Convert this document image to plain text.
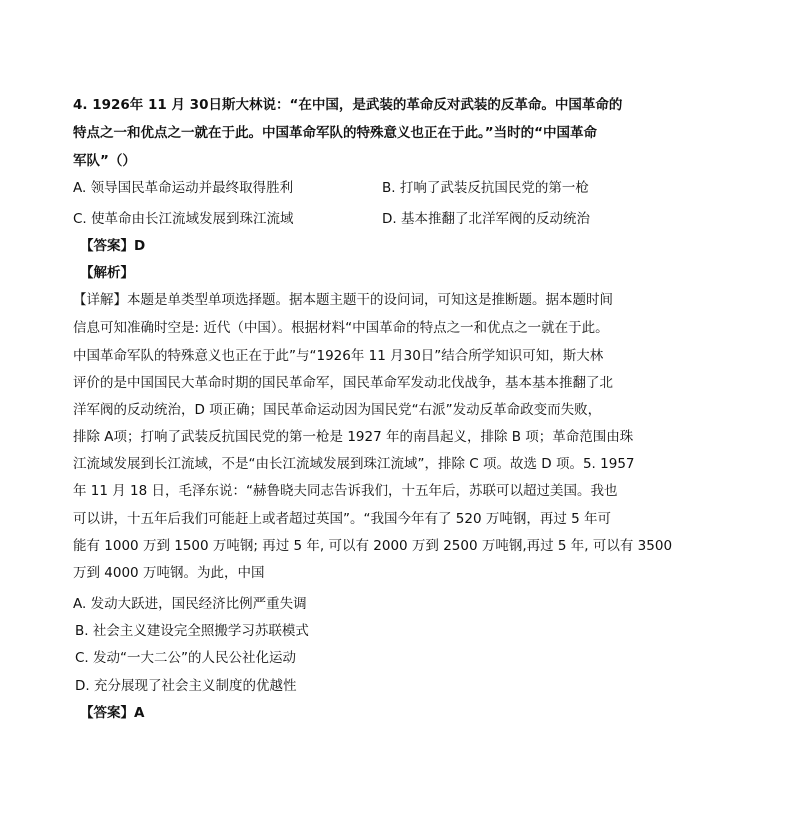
4. 1926年 11 月 30日斯大林说：“在中国，是武装的革命反对武装的反革命。中国革命的
特点之一和优点之一就在于此。中国革命军队的特殊意义也正在于此。”当时的“中国革命
军队”（）
A. 领导国民革命运动并最终取得胜利	B. 打响了武装反抗国民党的第一枪
C. 使革命由长江流域发展到珠江流域	D. 基本推翻了北洋军阀的反动统治
【答案】D
【解析】
【详解】本题是单类型单项选择题。据本题主题干的设问词，可知这是推断题。据本题时间
信息可知准确时空是: 近代（中国）。根据材料“中国革命的特点之一和优点之一就在于此。
中国革命军队的特殊意义也正在于此”与“1926年 11 月30日”结合所学知识可知，斯大林
评价的是中国国民大革命时期的国民革命军，国民革命军发动北伐战争，基本基本推翻了北
洋军阀的反动统治，D 项正确；国民革命运动因为国民党“右派”发动反革命政变而失败，
排除 A项；打响了武装反抗国民党的第一枪是 1927 年的南昌起义，排除 B 项；革命范围由珠
江流域发展到长江流域，不是“由长江流域发展到珠江流域”，排除 C 项。故选 D 项。5. 1957
年 11 月 18 日，毛泽东说：“赫鲁晓夫同志告诉我们，十五年后，苏联可以超过美国。我也
可以讲，十五年后我们可能赶上或者超过英国”。“我国今年有了 520 万吨钢，再过 5 年可
能有 1000 万到 1500 万吨钢; 再过 5 年, 可以有 2000 万到 2500 万吨钢,再过 5 年, 可以有 3500
万到 4000 万吨钢。为此，中国
A. 发动大跃进，国民经济比例严重失调
B. 社会主义建设完全照搬学习苏联模式
C. 发动“一大二公”的人民公社化运动
D. 充分展现了社会主义制度的优越性
【答案】A
